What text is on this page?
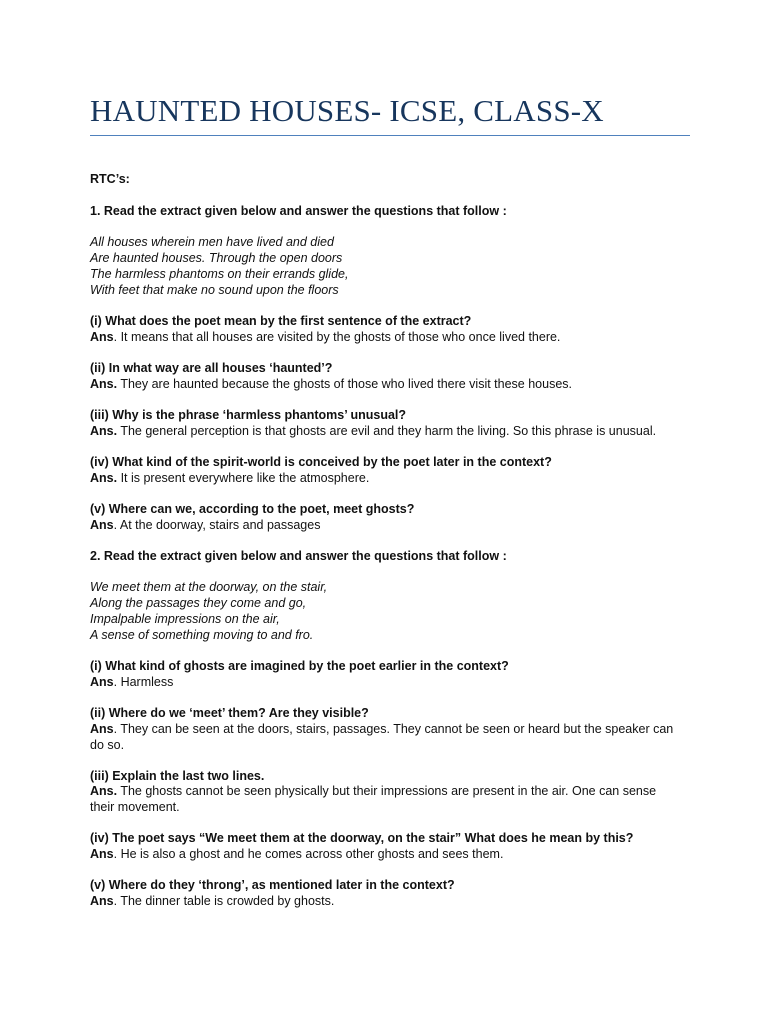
HAUNTED HOUSES- ICSE, CLASS-X

RTC’s:

1. Read the extract given below and answer the questions that follow :

All houses wherein men have lived and died
Are haunted houses. Through the open doors
The harmless phantoms on their errands glide,
With feet that make no sound upon the floors

(i) What does the poet mean by the first sentence of the extract?
Ans. It means that all houses are visited by the ghosts of those who once lived there.
(ii) In what way are all houses ‘haunted’?
Ans. They are haunted because the ghosts of those who lived there visit these houses.
(iii) Why is the phrase ‘harmless phantoms’ unusual?
Ans. The general perception is that ghosts are evil and they harm the living. So this phrase is unusual.
(iv) What kind of the spirit-world is conceived by the poet later in the context?
Ans. It is present everywhere like the atmosphere.
(v) Where can we, according to the poet, meet ghosts?
Ans. At the doorway, stairs and passages

2. Read the extract given below and answer the questions that follow :

We meet them at the doorway, on the stair,
Along the passages they come and go,
Impalpable impressions on the air,
A sense of something moving to and fro.

(i) What kind of ghosts are imagined by the poet earlier in the context?
Ans. Harmless
(ii) Where do we ‘meet’ them? Are they visible?
Ans. They can be seen at the doors, stairs, passages. They cannot be seen or heard but the speaker can do so.
(iii) Explain the last two lines.
Ans. The ghosts cannot be seen physically but their impressions are present in the air. One can sense their movement.
(iv) The poet says “We meet them at the doorway, on the stair” What does he mean by this?
Ans. He is also a ghost and he comes across other ghosts and sees them.
(v) Where do they ‘throng’, as mentioned later in the context?
Ans. The dinner table is crowded by ghosts.
